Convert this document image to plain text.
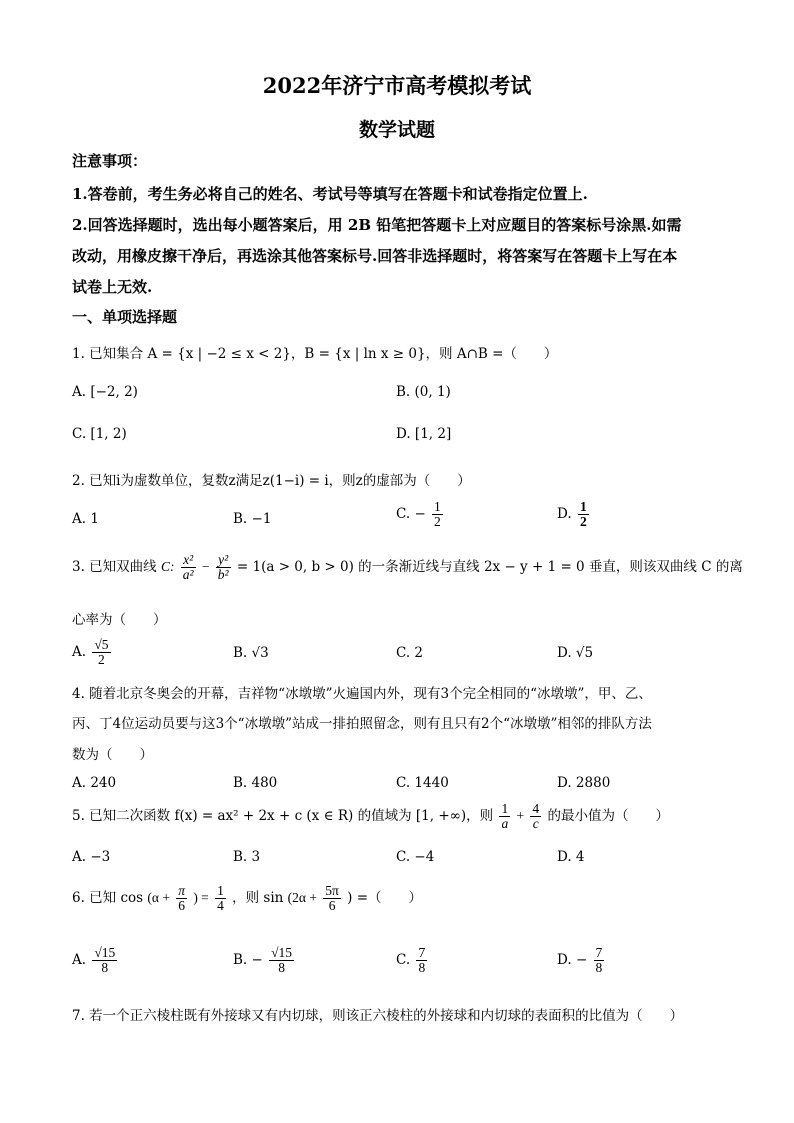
2022年济宁市高考模拟考试
数学试题
注意事项：
1.答卷前，考生务必将自己的姓名、考试号等填写在答题卡和试卷指定位置上.
2.回答选择题时，选出每小题答案后，用 2B 铅笔把答题卡上对应题目的答案标号涂黑.如需
改动，用橡皮擦干净后，再选涂其他答案标号.回答非选择题时，将答案写在答题卡上写在本
试卷上无效.
一、单项选择题
1. 已知集合 A = {x | −2 ≤ x < 2}，B = {x | ln x ≥ 0}，则 A∩B =（　　）
A. [−2, 2)	B. (0, 1)
C. [1, 2)	D. [1, 2]
2. 已知i为虚数单位，复数z满足z(1−i) = i，则z的虚部为（　　）
A. 1	B. −1	C. − $\frac{1}{2}$	D. $\frac{1}{2}$
3. 已知双曲线 C: $\frac{\text{x²}}{\text{a²}} - \frac{\text{y²}}{\text{b²}} = 1(a > 0$, b > 0) 的一条渐近线与直线 2x − y + 1 = 0 垂直，则该双曲线 C 的离
心率为（　　）
A. $\frac{√5}{2}$	B. √3	C. 2	D. √5
4. 随着北京冬奥会的开幕，吉祥物“冰墩墩”火遍国内外，现有3个完全相同的“冰墩墩”，甲、乙、
丙、丁4位运动员要与这3个“冰墩墩”站成一排拍照留念，则有且只有2个“冰墩墩”相邻的排队方法
数为（　　）
A. 240	B. 480	C. 1440	D. 2880
5. 已知二次函数 f(x) = ax² + 2x + c (x ∈ R) 的值域为 [1, +∞)，则 $\frac{1}{a} + \frac{4}{c}$ 的最小值为（　　）
A. −3	B. 3	C. −4	D. 4
6. 已知 $\cos (\alpha + \frac{\pi}{6}$ ) = $\frac{1}{4}$ ，则 $\sin (2\alpha + \frac{5\pi}{6}$ ) =（　　）
A. $\frac{√15}{8}$	B. − $\frac{√15}{8}$	C. $\frac{7}{8}$	D. − $\frac{7}{8}$
7. 若一个正六棱柱既有外接球又有内切球，则该正六棱柱的外接球和内切球的表面积的比值为（　　）
